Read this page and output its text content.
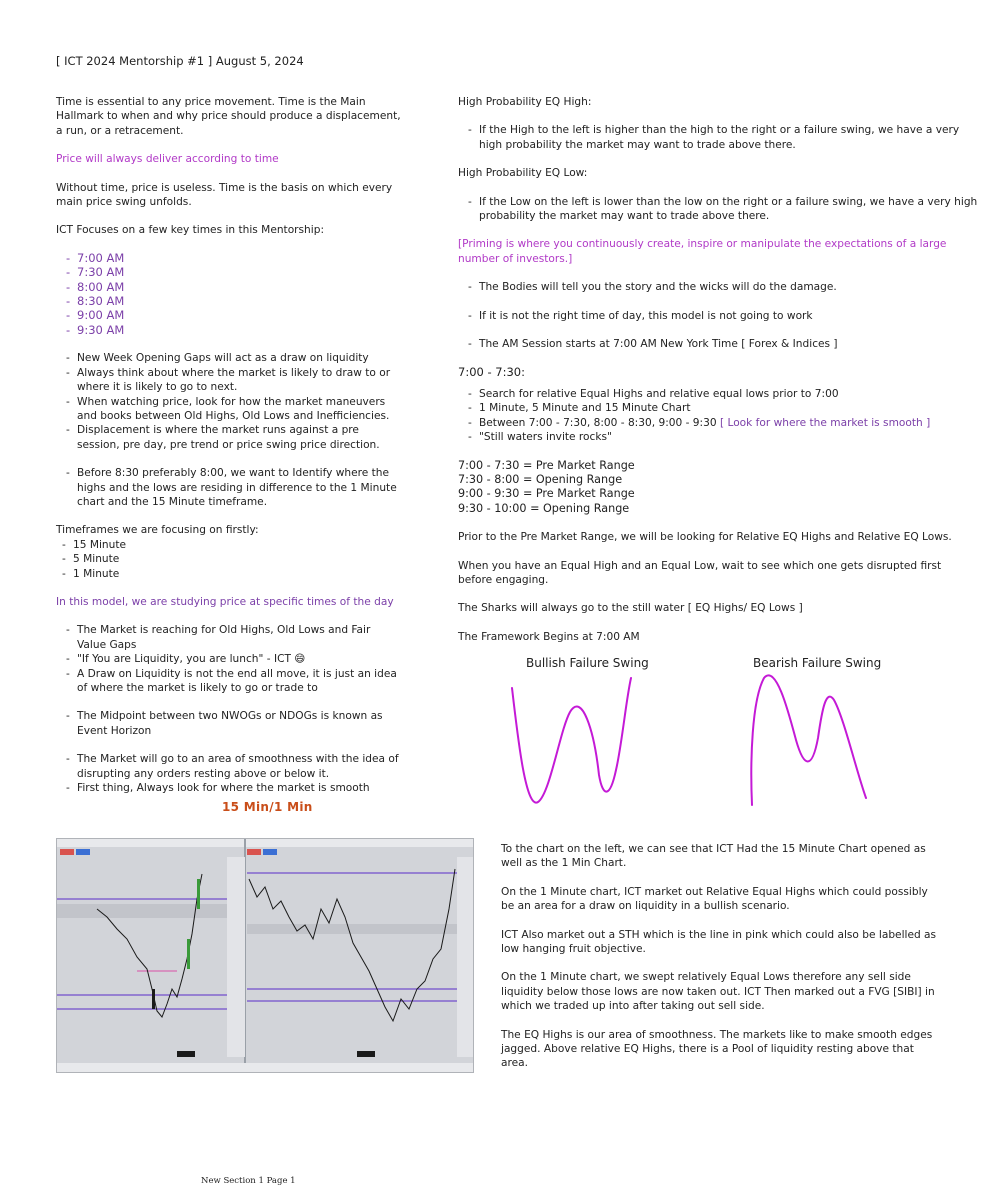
[ ICT 2024 Mentorship #1 ] August 5, 2024

Time is essential to any price movement. Time is the Main Hallmark to when and why price should produce a displacement, a run, or a retracement.

Price will always deliver according to time

Without time, price is useless. Time is the basis on which every main price swing unfolds.

ICT Focuses on a few key times in this Mentorship:

- 7:00 AM
- 7:30 AM
- 8:00 AM
- 8:30 AM
- 9:00 AM
- 9:30 AM
- New Week Opening Gaps will act as a draw on liquidity
- Always think about where the market is likely to draw to or where it is likely to go to next.
- When watching price, look for how the market maneuvers and books between Old Highs, Old Lows and Inefficiencies.
- Displacement is where the market runs against a pre session, pre day, pre trend or price swing price direction.
- Before 8:30 preferably 8:00, we want to Identify where the highs and the lows are residing in difference to the 1 Minute chart and the 15 Minute timeframe.
Timeframes we are focusing on firstly:
- 15 Minute
- 5 Minute
- 1 Minute

In this model, we are studying price at specific times of the day

- The Market is reaching for Old Highs, Old Lows and Fair Value Gaps
- "If You are Liquidity, you are lunch" - ICT 😄
- A Draw on Liquidity is not the end all move, it is just an idea of where the market is likely to go or trade to
- The Midpoint between two NWOGs or NDOGs is known as Event Horizon
- The Market will go to an area of smoothness with the idea of disrupting any orders resting above or below it.
- First thing, Always look for where the market is smooth

High Probability EQ High:

- If the High to the left is higher than the high to the right or a failure swing, we have a very high probability the market may want to trade above there.

High Probability EQ Low:

- If the Low on the left is lower than the low on the right or a failure swing, we have a very high probability the market may want to trade above there.

[Priming is where you continuously create, inspire or manipulate the expectations of a large number of investors.]

- The Bodies will tell you the story and the wicks will do the damage.
- If it is not the right time of day, this model is not going to work
- The AM Session starts at 7:00 AM New York Time [ Forex & Indices ]
7:00 - 7:30:
- Search for relative Equal Highs and relative equal lows prior to 7:00
- 1 Minute, 5 Minute and 15 Minute Chart
- Between 7:00 - 7:30, 8:00 - 8:30, 9:00 - 9:30 [ Look for where the market is smooth ]
- "Still waters invite rocks"
7:00 - 7:30 = Pre Market Range
7:30 - 8:00 = Opening Range
9:00 - 9:30 = Pre Market Range
9:30 - 10:00 = Opening Range

Prior to the Pre Market Range, we will be looking for Relative EQ Highs and Relative EQ Lows.

When you have an Equal High and an Equal Low, wait to see which one gets disrupted first before engaging.

The Sharks will always go to the still water [ EQ Highs/ EQ Lows ]

The Framework Begins at 7:00 AM

Bullish Failure Swing	Bearish Failure Swing
15 Min/1 Min

To the chart on the left, we can see that ICT Had the 15 Minute Chart opened as well as the 1 Min Chart.

On the 1 Minute chart, ICT market out Relative Equal Highs which could possibly be an area for a draw on liquidity in a bullish scenario.

ICT Also market out a STH which is the line in pink which could also be labelled as low hanging fruit objective.

On the 1 Minute chart, we swept relatively Equal Lows therefore any sell side liquidity below those lows are now taken out. ICT Then marked out a FVG [SIBI] in which we traded up into after taking out sell side.

The EQ Highs is our area of smoothness. The markets like to make smooth edges jagged. Above relative EQ Highs, there is a Pool of liquidity resting above that area.

New Section 1 Page 1
